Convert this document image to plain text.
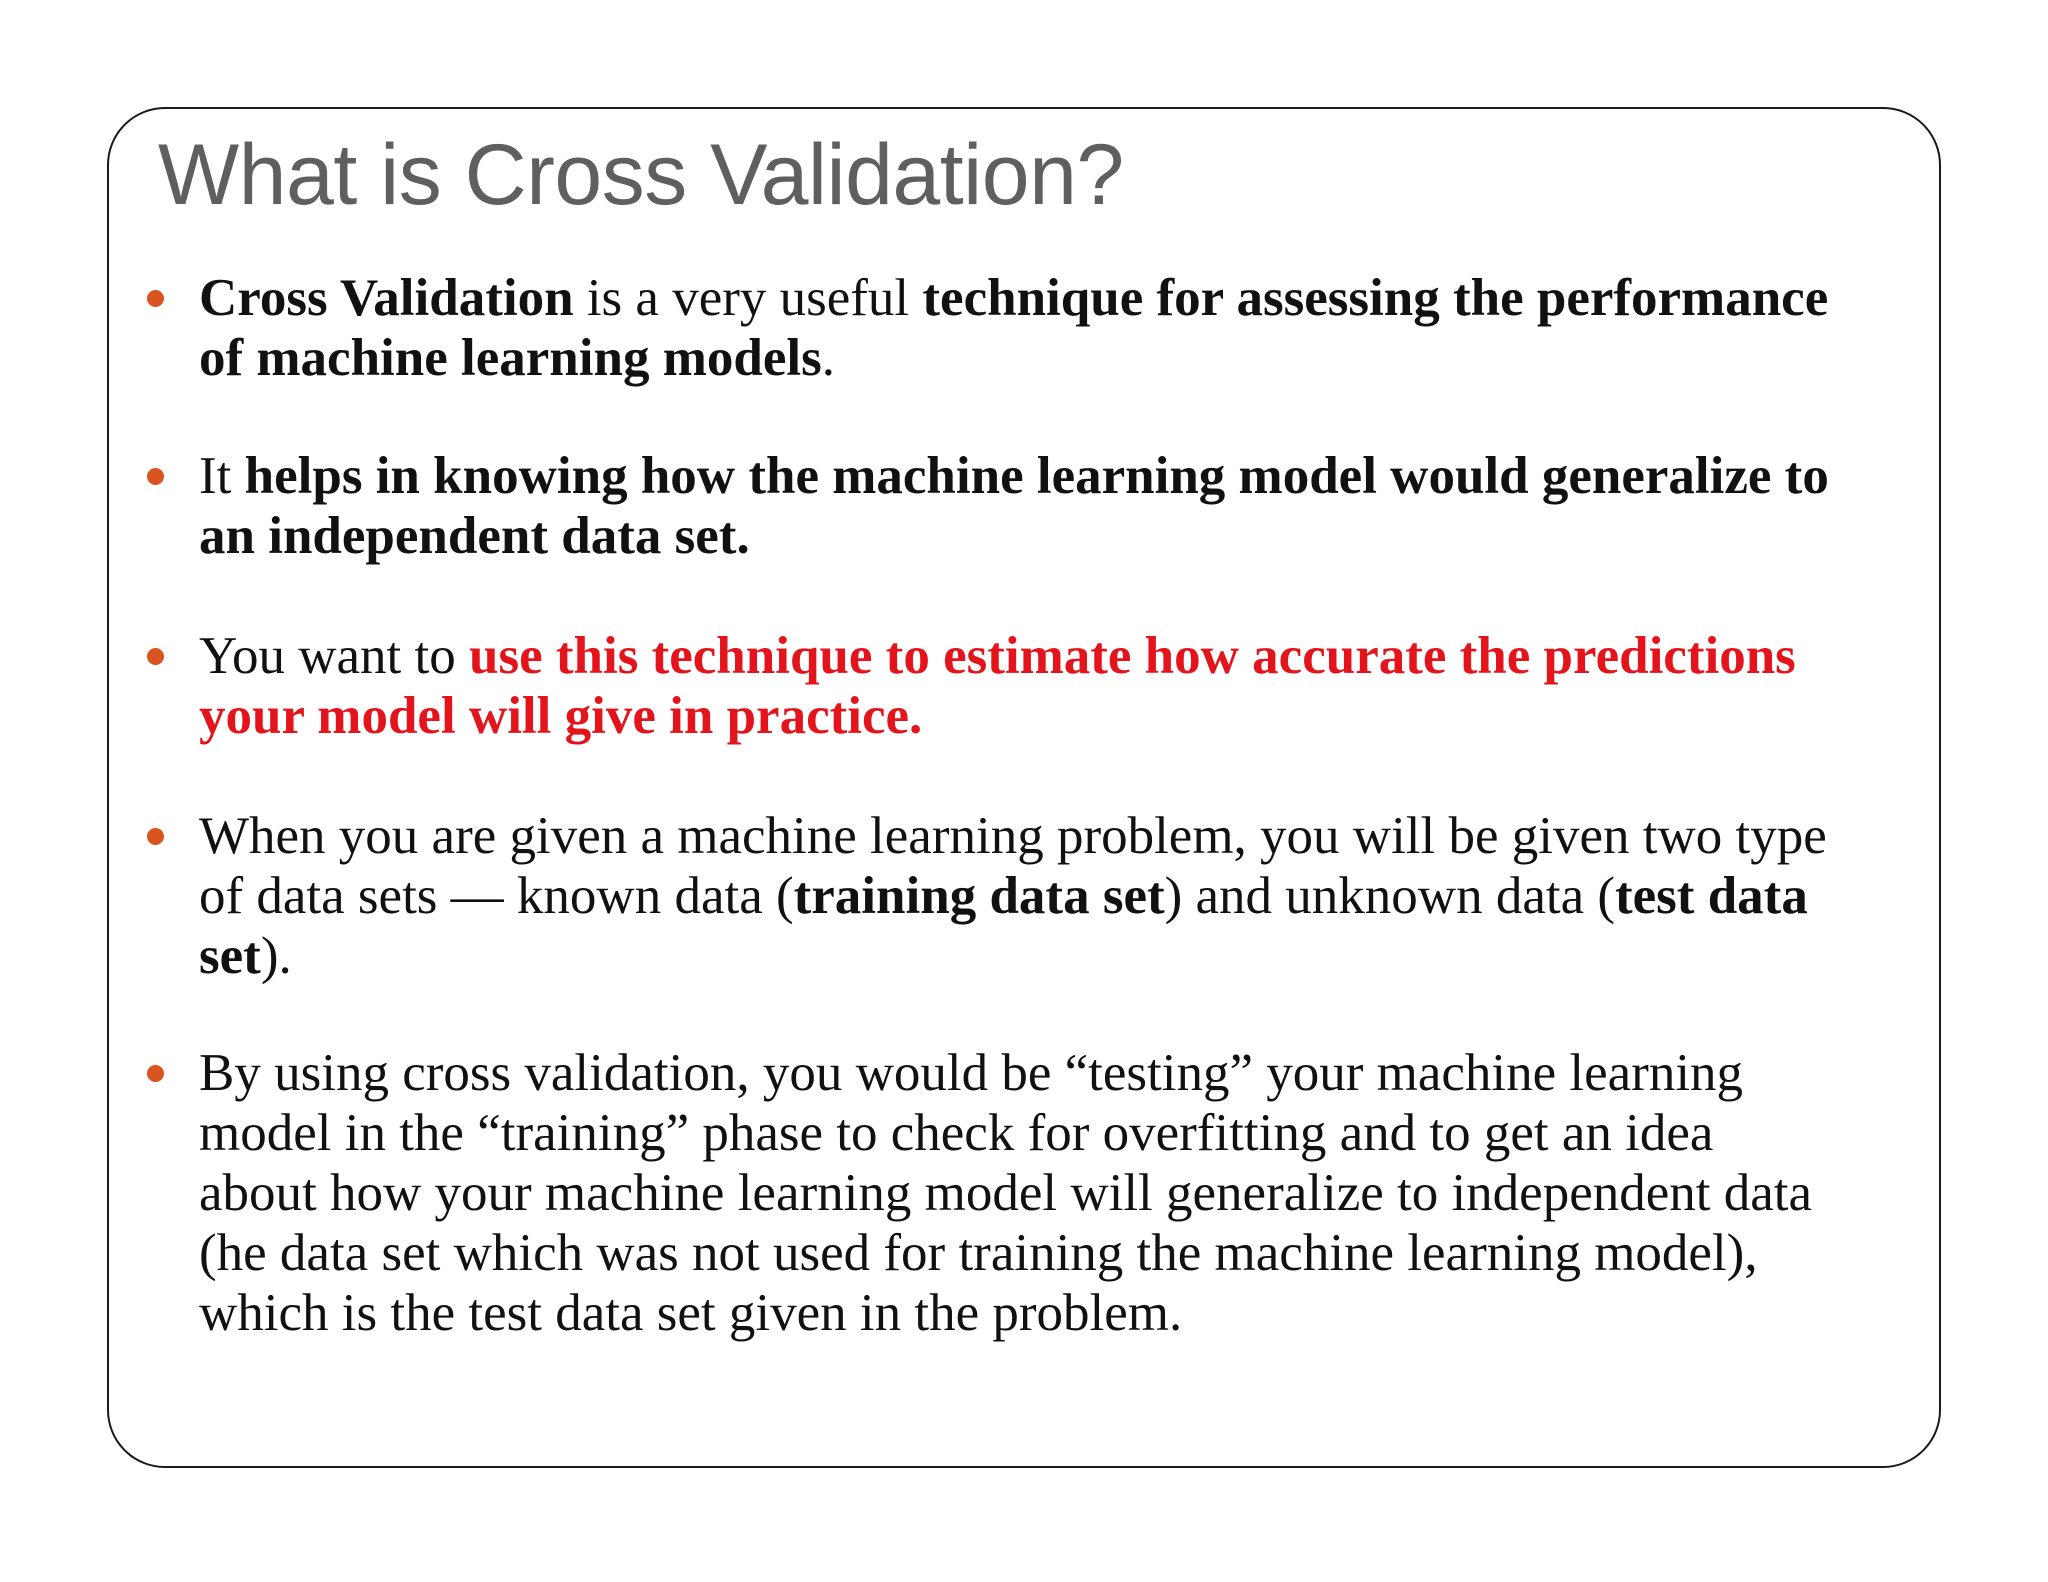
What is Cross Validation?
Cross Validation is a very useful technique for assessing the performance of machine learning models.
It helps in knowing how the machine learning model would generalize to an independent data set.
You want to use this technique to estimate how accurate the predictions your model will give in practice.
When you are given a machine learning problem, you will be given two type of data sets — known data (training data set) and unknown data (test data set).
By using cross validation, you would be “testing” your machine learning model in the “training” phase to check for overfitting and to get an idea about how your machine learning model will generalize to independent data (he data set which was not used for training the machine learning model), which is the test data set given in the problem.
